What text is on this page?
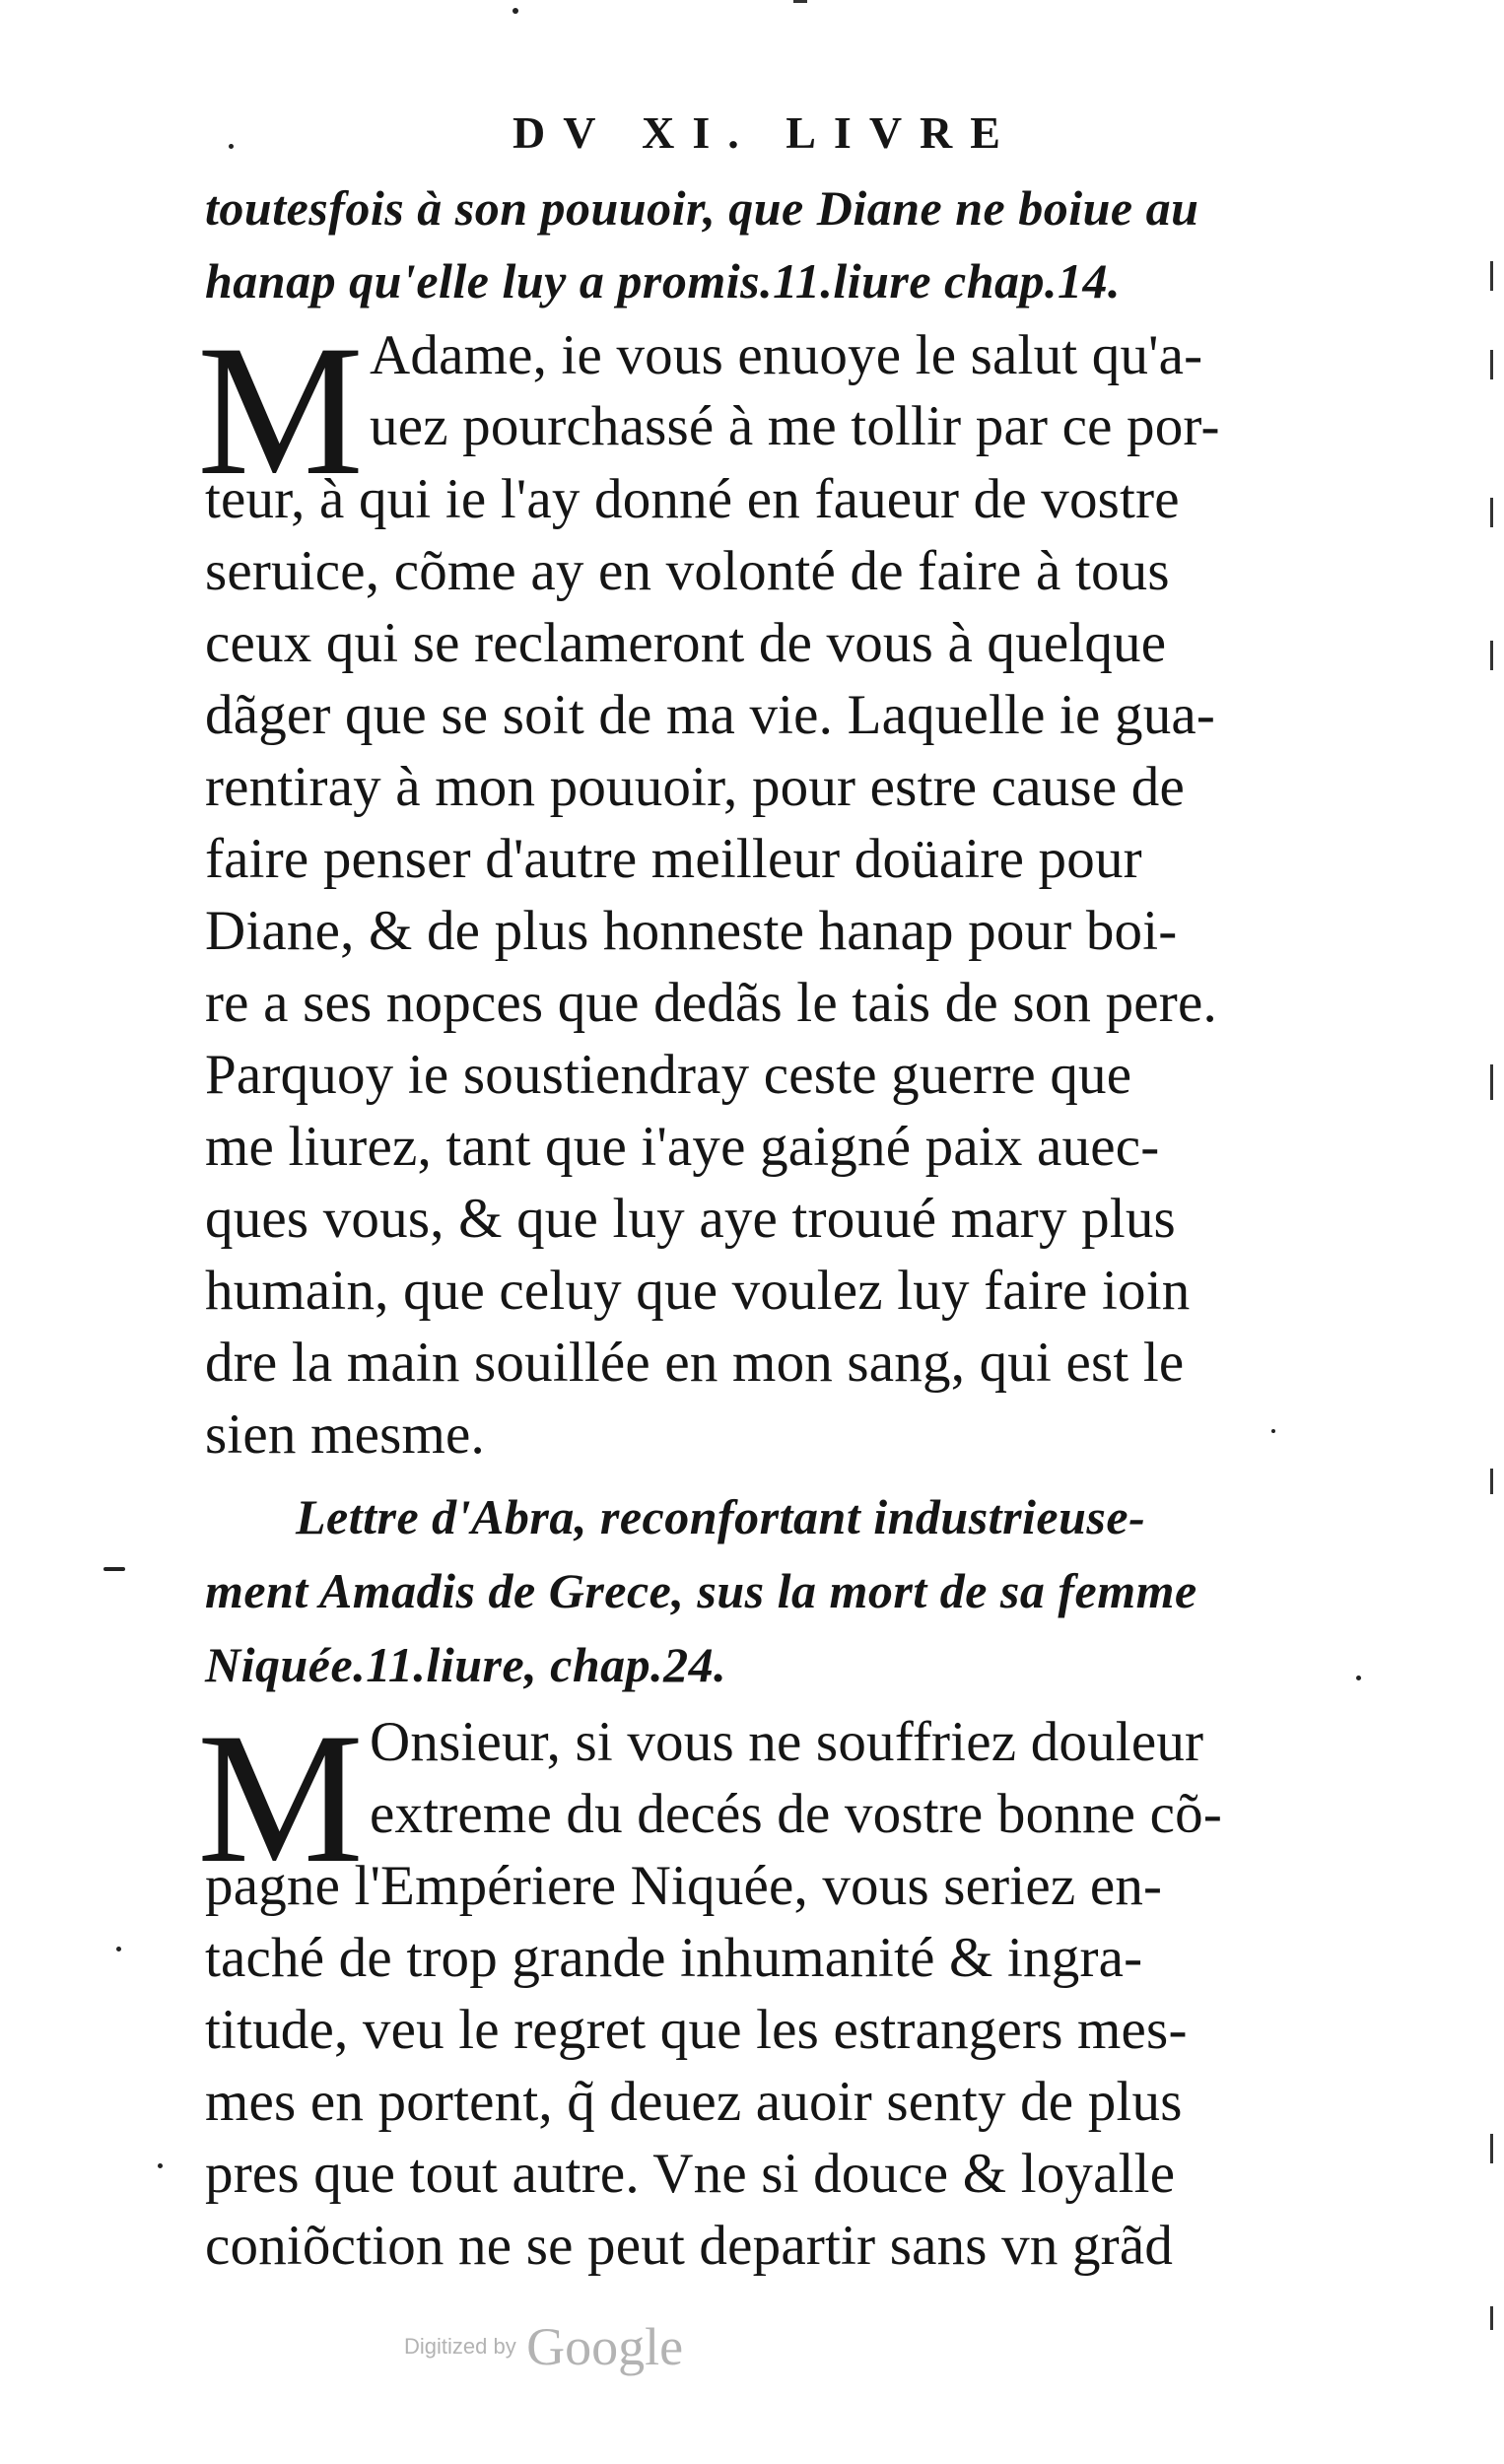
DV XI. LIVRE
toutesfois à son pouuoir, que Diane ne boiue au
hanap qu'elle luy a promis.11.liure chap.14.
M Adame, ie vous enuoye le salut qu'a-
uez pourchassé à me tollir par ce por-
teur, à qui ie l'ay donné en faueur de vostre
seruice, cõme ay en volonté de faire à tous
ceux qui se reclameront de vous à quelque
dãger que se soit de ma vie. Laquelle ie gua-
rentiray à mon pouuoir, pour estre cause de
faire penser d'autre meilleur doüaire pour
Diane, & de plus honneste hanap pour boi-
re a ses nopces que dedãs le tais de son pere.
Parquoy ie soustiendray ceste guerre que
me liurez, tant que i'aye gaigné paix auec-
ques vous, & que luy aye trouué mary plus
humain, que celuy que voulez luy faire ioin
dre la main souillée en mon sang, qui est le
sien mesme.
Lettre d'Abra, reconfortant industrieuse-
ment Amadis de Grece, sus la mort de sa femme
Niquée.11.liure, chap.24.
M Onsieur, si vous ne souffriez douleur
extreme du decés de vostre bonne cõ-
pagne l'Empériere Niquée, vous seriez en-
taché de trop grande inhumanité & ingra-
titude, veu le regret que les estrangers mes-
mes en portent, q̃ deuez auoir senty de plus
pres que tout autre. Vne si douce & loyalle
coniõction ne se peut departir sans vn grãd
Digitized by Google
